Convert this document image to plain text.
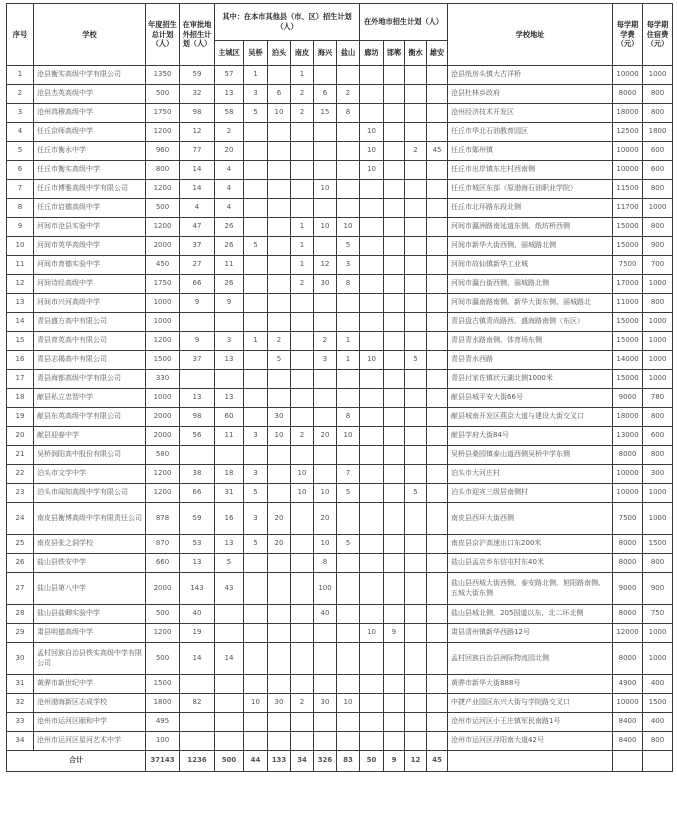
序号	学校	年度招生总计划（人）	在审批地外招生计划（人）	其中：在本市其他县（市、区）招生计划（人）						在外地市招生计划（人）				学校地址	每学期学费（元）	每学期住宿费（元）
				主城区	吴桥	泊头	南皮	海兴	盐山	廊坊	邯郸	衡水	雄安			
1	沧县衡实高级中学有限公司	1350	59	57	1		1							沧县纸房头镇大古洋桥	10000	1000
2	沧县杰英高级中学	500	32	13	3	6	2	6	2					沧县杜林乡政府	8000	800
3	沧州鸿穆高级中学	1750	98	58	5	10	2	15	8					沧州经济技术开发区	18000	800
4	任丘京师高级中学	1200	12	2						10				任丘市华北石油教育园区	12500	1800
5	任丘市衡水中学	960	77	20						10		2	45	任丘市鄚州镇	10000	600
6	任丘市衡实高级中学	800	14	4						10				任丘市出岸镇东庄村西南侧	10000	600
7	任丘市博雅高级中学有限公司	1200	14	4				10						任丘市城区东部（原渤海石油职业学院）	11500	800
8	任丘市启德高级中学	500	4	4										任丘市北环路东段北侧	11700	1000
9	河间市沧县实验中学	1200	47	26			1	10	10					河间市瀛洲路南延道东侧、纸坊桥西侧	15000	800
10	河间市英华高级中学	2000	37	26	5		1		5					河间市新华大街西侧、丽城路北侧	15000	900
11	河间市育德实验中学	450	27	11			1	12	3					河间市故仙镇新华工业城	7500	700
12	河间诗经高级中学	1750	66	26			2	30	8					河间市瀛台街西侧、丽城路北侧	17000	1000
13	河间市兴河高级中学	1000	9	9										河间市瀛南路南侧、新华大街东侧、丽城路北	11000	800
14	青县盛方高中有限公司	1000												青县盘古镇青尚路西、盛海路南侧（东区）	15000	1000
15	青县育英高中有限公司	1200	9	3	1	2		2	1					青县青水路南侧、体育场东侧	15000	1000
16	青县志揭高中有限公司	1500	37	13		5		3	1	10		5		青县青水西路	14000	1000
17	青县海都高级中学有限公司	330												青县付家佐镇状元湖北侧1000米	15000	1000
18	献县私立忠智中学	1000	13	13										献县县城平安大街66号	9000	780
19	献县东英高级中学有限公司	2000	98	60		30			8					献县城南开发区燕京大道与建设大街交叉口	18000	800
20	献县迎春中学	2000	56	11	3	10	2	20	10					献县学府大街84号	13000	600
21	吴桥润阳高中股份有限公司	580												吴桥县桑园镇泰山道西侧吴桥中学东侧	8000	800
22	泊头市文学中学	1200	38	18	3		10		7					泊头市大河庄村	10000	300
23	泊头市闻知高级中学有限公司	1200	66	31	5		10	10	5			5		泊头市迎宾三级居南侧村	10000	1000
24	南皮县衡博高级中学有限责任公司	878	59	16	3	20		20						南皮县西环大街西侧	7500	1000
25	南皮县张之洞学校	870	53	13	5	20		10	5					南皮县京沪高速出口东200米	8000	1500
26	盐山县铁安中学	660	13	5				8						盐山县孟店乡东信屯村东40米	8000	800
27	盐山县第八中学	2000	143	43				100						盐山县西城大街西侧、泰安路北侧、旭阳路南侧、五城大街东侧	9000	900
28	盐山县盐卿实验中学	500	40					40						盐山县城北侧，205国道以东，北二环北侧	8000	750
29	肃县明德高级中学	1200	19							10	9			肃县清州镇新华西路12号	12000	1000
30	孟村回族自治县铁实高级中学有限公司	500	14	14										孟村回族自治县洲际物流园北侧	8000	1000
31	黄骅市新世纪中学	1500												黄骅市新华大街888号	4900	400
32	沧州渤海新区志成学校	1800	82		10	30	2	30	10					中捷产业园区东兴大街与学院路交叉口	10000	1500
33	沧州市运河区颐和中学	495												沧州市运河区小王庄镇军民南路1号	8400	400
34	沧州市运河区星河艺术中学	100												沧州市运河区浮阳南大道42号	8400	800
合计		37143	1236	500	44	133	34	326	83	50	9	12	45			
